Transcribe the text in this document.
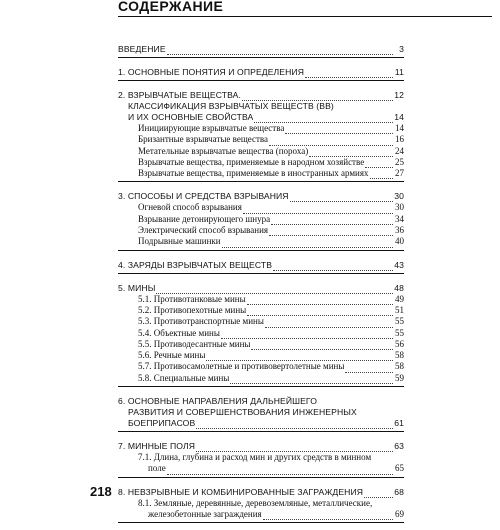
СОДЕРЖАНИЕ
ВВЕДЕНИЕ	3
1. ОСНОВНЫЕ ПОНЯТИЯ И ОПРЕДЕЛЕНИЯ	11
2. ВЗРЫВЧАТЫЕ ВЕЩЕСТВА.	12
КЛАССИФИКАЦИЯ ВЗРЫВЧАТЫХ ВЕЩЕСТВ (ВВ)
И ИХ ОСНОВНЫЕ СВОЙСТВА	14
Инициирующие взрывчатые вещества	14
Бризантные взрывчатые вещества	16
Метательные взрывчатые вещества (пороха)	24
Взрывчатые вещества, применяемые в народном хозяйстве	25
Взрывчатые вещества, применяемые в иностранных армиях	27
3. СПОСОБЫ И СРЕДСТВА ВЗРЫВАНИЯ	30
Огневой способ взрывания	30
Взрывание детонирующего шнура	34
Электрический способ взрывания	36
Подрывные машинки	40
4. ЗАРЯДЫ ВЗРЫВЧАТЫХ ВЕЩЕСТВ	43
5. МИНЫ	48
5.1. Противотанковые мины	49
5.2. Противопехотные мины	51
5.3. Противотранспортные мины	55
5.4. Объектные мины	55
5.5. Противодесантные мины	56
5.6. Речные мины	58
5.7. Противосамолетные и противовертолетные мины	58
5.8. Специальные мины	59
6. ОСНОВНЫЕ НАПРАВЛЕНИЯ ДАЛЬНЕЙШЕГО
РАЗВИТИЯ И СОВЕРШЕНСТВОВАНИЯ ИНЖЕНЕРНЫХ
БОЕПРИПАСОВ	61
7. МИННЫЕ ПОЛЯ	63
7.1. Длина, глубина и расход мин и других средств в минном
поле	65
8. НЕВЗРЫВНЫЕ И КОМБИНИРОВАННЫЕ ЗАГРАЖДЕНИЯ	68
8.1. Земляные, деревянные, деревоземляные, металлические,
железобетонные заграждения	69
218
